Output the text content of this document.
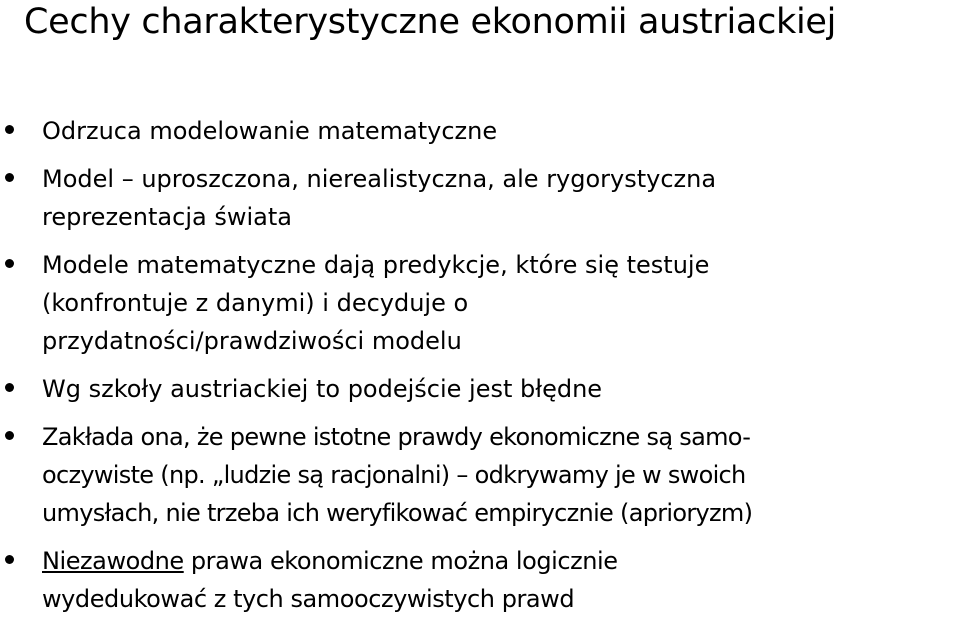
Cechy charakterystyczne ekonomii austriackiej
Odrzuca modelowanie matematyczne
Model – uproszczona, nierealistyczna, ale rygorystyczna
reprezentacja świata
Modele matematyczne dają predykcje, które się testuje
(konfrontuje z danymi) i decyduje o
przydatności/prawdziwości modelu
Wg szkoły austriackiej to podejście jest błędne
Zakłada ona, że pewne istotne prawdy ekonomiczne są samo-
oczywiste (np. „ludzie są racjonalni) – odkrywamy je w swoich
umysłach, nie trzeba ich weryfikować empirycznie (aprioryzm)
Niezawodne prawa ekonomiczne można logicznie
wydedukować z tych samooczywistych prawd
